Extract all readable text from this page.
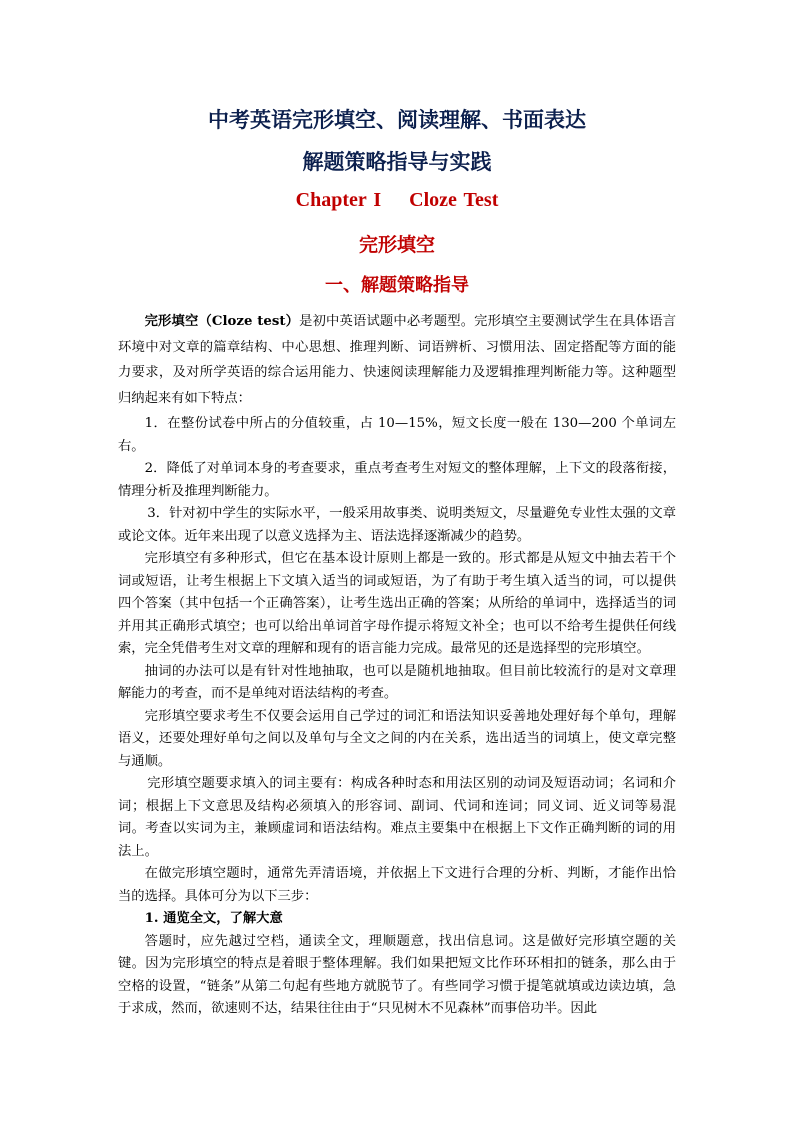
中考英语完形填空、阅读理解、书面表达
解题策略指导与实践
Chapter I    Cloze Test
完形填空
一、解题策略指导

完形填空（Cloze test）是初中英语试题中必考题型。完形填空主要测试学生在具体语言环境中对文章的篇章结构、中心思想、推理判断、词语辨析、习惯用法、固定搭配等方面的能力要求，及对所学英语的综合运用能力、快速阅读理解能力及逻辑推理判断能力等。这种题型归纳起来有如下特点：

1．在整份试卷中所占的分值较重，占 10—15%，短文长度一般在 130—200 个单词左右。

2．降低了对单词本身的考查要求，重点考查考生对短文的整体理解，上下文的段落衔接，情理分析及推理判断能力。

3．针对初中学生的实际水平，一般采用故事类、说明类短文，尽量避免专业性太强的文章或论文体。近年来出现了以意义选择为主、语法选择逐渐减少的趋势。

完形填空有多种形式，但它在基本设计原则上都是一致的。形式都是从短文中抽去若干个词或短语，让考生根据上下文填入适当的词或短语，为了有助于考生填入适当的词，可以提供四个答案（其中包括一个正确答案），让考生选出正确的答案；从所给的单词中，选择适当的词并用其正确形式填空；也可以给出单词首字母作提示将短文补全；也可以不给考生提供任何线索，完全凭借考生对文章的理解和现有的语言能力完成。最常见的还是选择型的完形填空。

抽词的办法可以是有针对性地抽取，也可以是随机地抽取。但目前比较流行的是对文章理解能力的考查，而不是单纯对语法结构的考查。

完形填空要求考生不仅要会运用自己学过的词汇和语法知识妥善地处理好每个单句，理解语义，还要处理好单句之间以及单句与全文之间的内在关系，选出适当的词填上，使文章完整与通顺。

完形填空题要求填入的词主要有：构成各种时态和用法区别的动词及短语动词；名词和介词；根据上下文意思及结构必须填入的形容词、副词、代词和连词；同义词、近义词等易混词。考查以实词为主，兼顾虚词和语法结构。难点主要集中在根据上下文作正确判断的词的用法上。

在做完形填空题时，通常先弄清语境，并依据上下文进行合理的分析、判断，才能作出恰当的选择。具体可分为以下三步：

1. 通览全文，了解大意

答题时，应先越过空档，通读全文，理顺题意，找出信息词。这是做好完形填空题的关键。因为完形填空的特点是着眼于整体理解。我们如果把短文比作环环相扣的链条，那么由于空格的设置，“链条”从第二句起有些地方就脱节了。有些同学习惯于提笔就填或边读边填，急于求成，然而，欲速则不达，结果往往由于“只见树木不见森林”而事倍功半。因此
